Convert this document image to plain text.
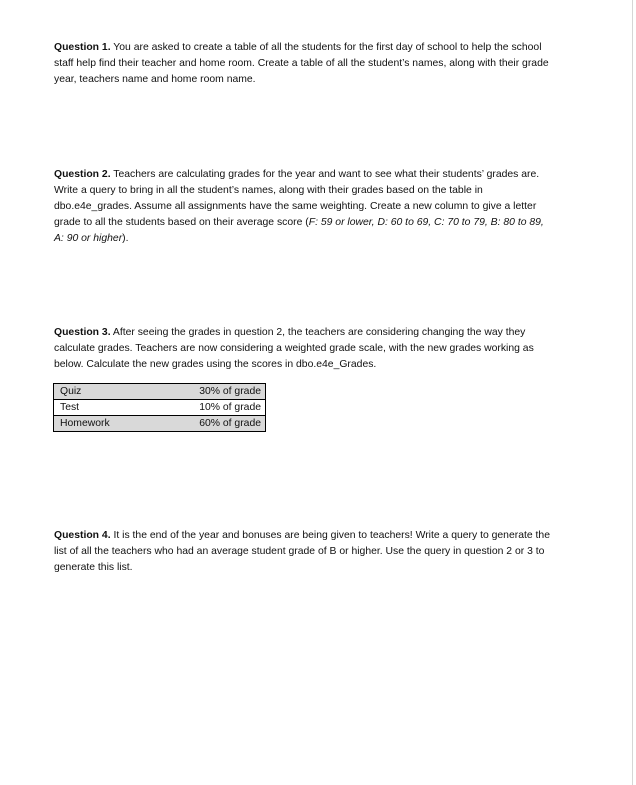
Question 1. You are asked to create a table of all the students for the first day of school to help the school staff help find their teacher and home room. Create a table of all the student’s names, along with their grade year, teachers name and home room name.

Question 2. Teachers are calculating grades for the year and want to see what their students’ grades are. Write a query to bring in all the student’s names, along with their grades based on the table in dbo.e4e_grades. Assume all assignments have the same weighting. Create a new column to give a letter grade to all the students based on their average score (F: 59 or lower, D: 60 to 69, C: 70 to 79, B: 80 to 89, A: 90 or higher).

Question 3. After seeing the grades in question 2, the teachers are considering changing the way they calculate grades. Teachers are now considering a weighted grade scale, with the new grades working as below. Calculate the new grades using the scores in dbo.e4e_Grades.

Quiz	30% of grade
Test	10% of grade
Homework	60% of grade

Question 4. It is the end of the year and bonuses are being given to teachers! Write a query to generate the list of all the teachers who had an average student grade of B or higher. Use the query in question 2 or 3 to generate this list.
